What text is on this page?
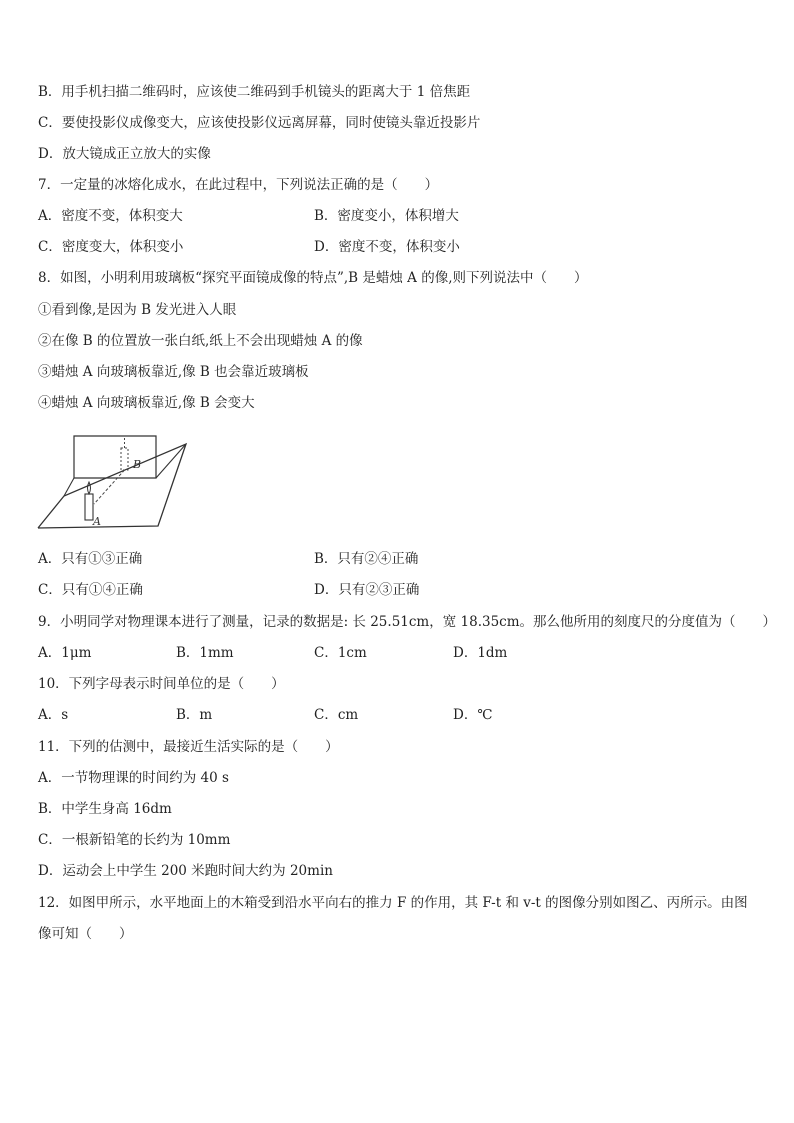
B．用手机扫描二维码时，应该使二维码到手机镜头的距离大于 1 倍焦距
C．要使投影仪成像变大，应该使投影仪远离屏幕，同时使镜头靠近投影片
D．放大镜成正立放大的实像
7．一定量的冰熔化成水，在此过程中，下列说法正确的是（　　）
A．密度不变，体积变大	B．密度变小，体积增大
C．密度变大，体积变小	D．密度不变，体积变小
8．如图，小明利用玻璃板“探究平面镜成像的特点”,B 是蜡烛 A 的像,则下列说法中（　　）
①看到像,是因为 B 发光进入人眼
②在像 B 的位置放一张白纸,纸上不会出现蜡烛 A 的像
③蜡烛 A 向玻璃板靠近,像 B 也会靠近玻璃板
④蜡烛 A 向玻璃板靠近,像 B 会变大
B
A
A．只有①③正确	B．只有②④正确
C．只有①④正确	D．只有②③正确
9．小明同学对物理课本进行了测量，记录的数据是: 长 25.51cm，宽 18.35cm。那么他所用的刻度尺的分度值为（　　）
A．1μm	B．1mm	C．1cm	D．1dm
10．下列字母表示时间单位的是（　　）
A．s	B．m	C．cm	D．℃
11．下列的估测中，最接近生活实际的是（　　）
A．一节物理课的时间约为 40 s
B．中学生身高 16dm
C．一根新铅笔的长约为 10mm
D．运动会上中学生 200 米跑时间大约为 20min
12．如图甲所示，水平地面上的木箱受到沿水平向右的推力 F 的作用，其 F-t 和 v-t 的图像分别如图乙、丙所示。由图
像可知（　　）
